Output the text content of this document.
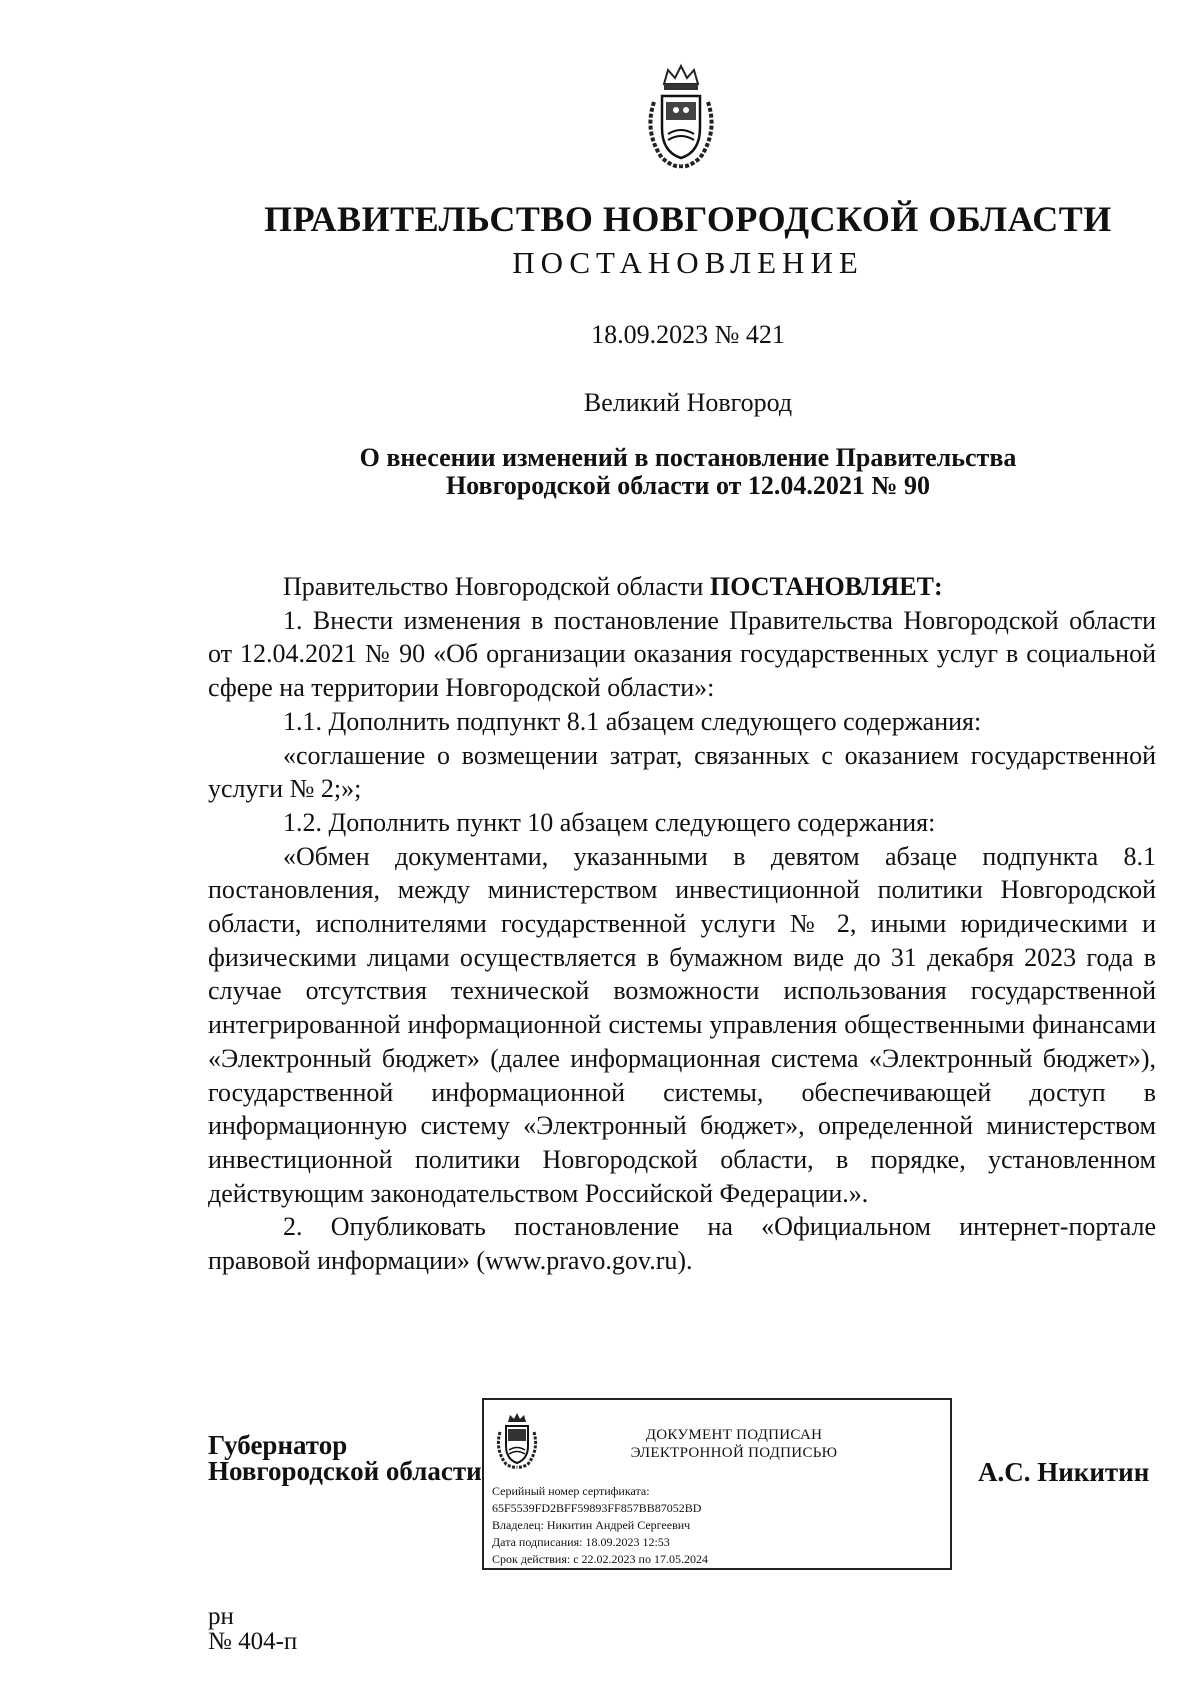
ПРАВИТЕЛЬСТВО НОВГОРОДСКОЙ ОБЛАСТИ
ПОСТАНОВЛЕНИЕ
18.09.2023 № 421
Великий Новгород
О внесении изменений в постановление Правительства
Новгородской области от 12.04.2021 № 90

Правительство Новгородской области ПОСТАНОВЛЯЕТ:

1. Внести изменения в постановление Правительства Новгородской области от 12.04.2021 № 90 «Об организации оказания государственных услуг в социальной сфере на территории Новгородской области»:

1.1. Дополнить подпункт 8.1 абзацем следующего содержания:

«соглашение о возмещении затрат, связанных с оказанием государственной услуги № 2;»;

1.2. Дополнить пункт 10 абзацем следующего содержания:

«Обмен документами, указанными в девятом абзаце подпункта 8.1 постановления, между министерством инвестиционной политики Новгородской области, исполнителями государственной услуги № 2, иными юридическими и физическими лицами осуществляется в бумажном виде до 31 декабря 2023 года в случае отсутствия технической возможности использования государственной интегрированной информационной системы управления общественными финансами «Электронный бюджет» (далее информационная система «Электронный бюджет»), государственной информационной системы, обеспечивающей доступ в информационную систему «Электронный бюджет», определенной министерством инвестиционной политики Новгородской области, в порядке, установленном действующим законодательством Российской Федерации.».

2. Опубликовать постановление на «Официальном интернет-портале правовой информации» (www.pravo.gov.ru).

Губернатор
Новгородской области
ДОКУМЕНТ ПОДПИСАН
ЭЛЕКТРОННОЙ ПОДПИСЬЮ
Серийный номер сертификата:
65F5539FD2BFF59893FF857BB87052BD
Владелец: Никитин Андрей Сергеевич
Дата подписания: 18.09.2023 12:53
Срок действия: с 22.02.2023 по 17.05.2024
А.С. Никитин
рн
№ 404-п
